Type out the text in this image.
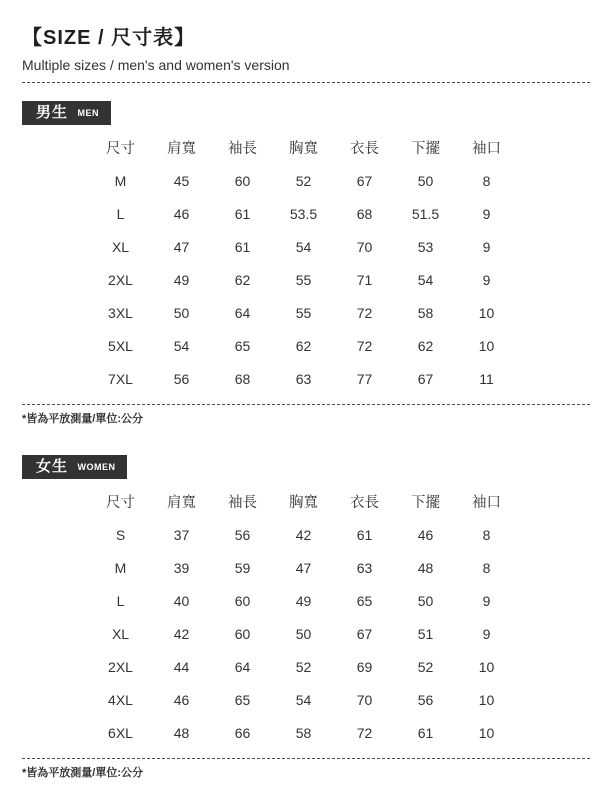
【SIZE / 尺寸表】

Multiple sizes / men's and women's version

男生 MEN
尺寸	肩寬	袖長	胸寬	衣長	下擺	袖口
M	45	60	52	67	50	8
L	46	61	53.5	68	51.5	9
XL	47	61	54	70	53	9
2XL	49	62	55	71	54	9
3XL	50	64	55	72	58	10
5XL	54	65	62	72	62	10
7XL	56	68	63	77	67	11

*皆為平放測量/單位:公分

女生 WOMEN
尺寸	肩寬	袖長	胸寬	衣長	下擺	袖口
S	37	56	42	61	46	8
M	39	59	47	63	48	8
L	40	60	49	65	50	9
XL	42	60	50	67	51	9
2XL	44	64	52	69	52	10
4XL	46	65	54	70	56	10
6XL	48	66	58	72	61	10

*皆為平放測量/單位:公分
